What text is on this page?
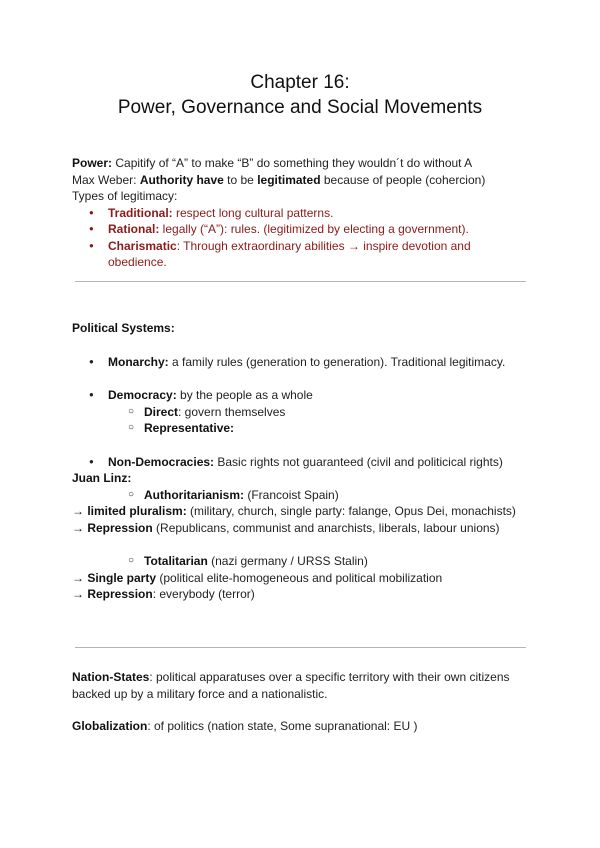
Chapter 16:
Power, Governance and Social Movements
Power: Capitify of “A” to make “B” do something they wouldn´t do without A
Max Weber: Authority have to be legitimated because of people (cohercion)
Types of legitimacy:
● Traditional: respect long cultural patterns.
● Rational: legally (“A”): rules. (legitimized by electing a government).
● Charismatic: Through extraordinary abilities → inspire devotion and obedience.
Political Systems:
● Monarchy: a family rules (generation to generation). Traditional legitimacy.
● Democracy: by the people as a whole
○ Direct: govern themselves
○ Representative:
● Non-Democracies: Basic rights not guaranteed (civil and politicical rights)
Juan Linz:
○ Authoritarianism: (Francoist Spain)
→ limited pluralism: (military, church, single party: falange, Opus Dei, monachists)
→ Repression (Republicans, communist and anarchists, liberals, labour unions)
○ Totalitarian (nazi germany / URSS Stalin)
→ Single party (political elite-homogeneous and political mobilization
→ Repression: everybody (terror)
Nation-States: political apparatuses over a specific territory with their own citizens backed up by a military force and a nationalistic.
Globalization: of politics (nation state, Some supranational: EU )
